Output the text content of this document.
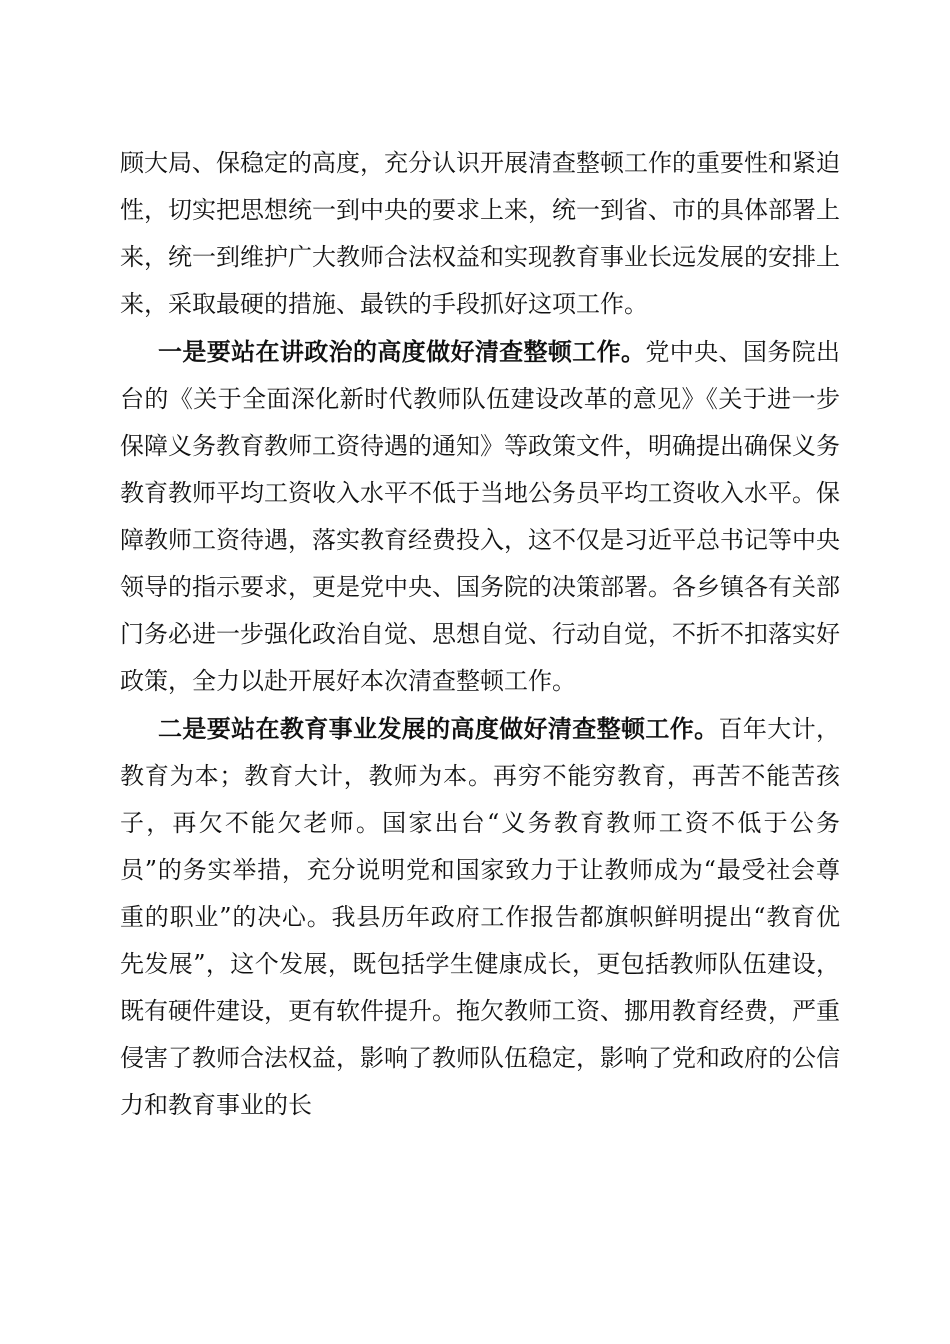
顾大局、保稳定的高度，充分认识开展清查整顿工作的重要性和紧迫性，切实把思想统一到中央的要求上来，统一到省、市的具体部署上来，统一到维护广大教师合法权益和实现教育事业长远发展的安排上来，采取最硬的措施、最铁的手段抓好这项工作。

一是要站在讲政治的高度做好清查整顿工作。党中央、国务院出台的《关于全面深化新时代教师队伍建设改革的意见》《关于进一步保障义务教育教师工资待遇的通知》等政策文件，明确提出确保义务教育教师平均工资收入水平不低于当地公务员平均工资收入水平。保障教师工资待遇，落实教育经费投入，这不仅是习近平总书记等中央领导的指示要求，更是党中央、国务院的决策部署。各乡镇各有关部门务必进一步强化政治自觉、思想自觉、行动自觉，不折不扣落实好政策，全力以赴开展好本次清查整顿工作。

二是要站在教育事业发展的高度做好清查整顿工作。百年大计，教育为本；教育大计，教师为本。再穷不能穷教育，再苦不能苦孩子，再欠不能欠老师。国家出台“义务教育教师工资不低于公务员”的务实举措，充分说明党和国家致力于让教师成为“最受社会尊重的职业”的决心。我县历年政府工作报告都旗帜鲜明提出“教育优先发展”，这个发展，既包括学生健康成长，更包括教师队伍建设，既有硬件建设，更有软件提升。拖欠教师工资、挪用教育经费，严重侵害了教师合法权益，影响了教师队伍稳定，影响了党和政府的公信力和教育事业的长
